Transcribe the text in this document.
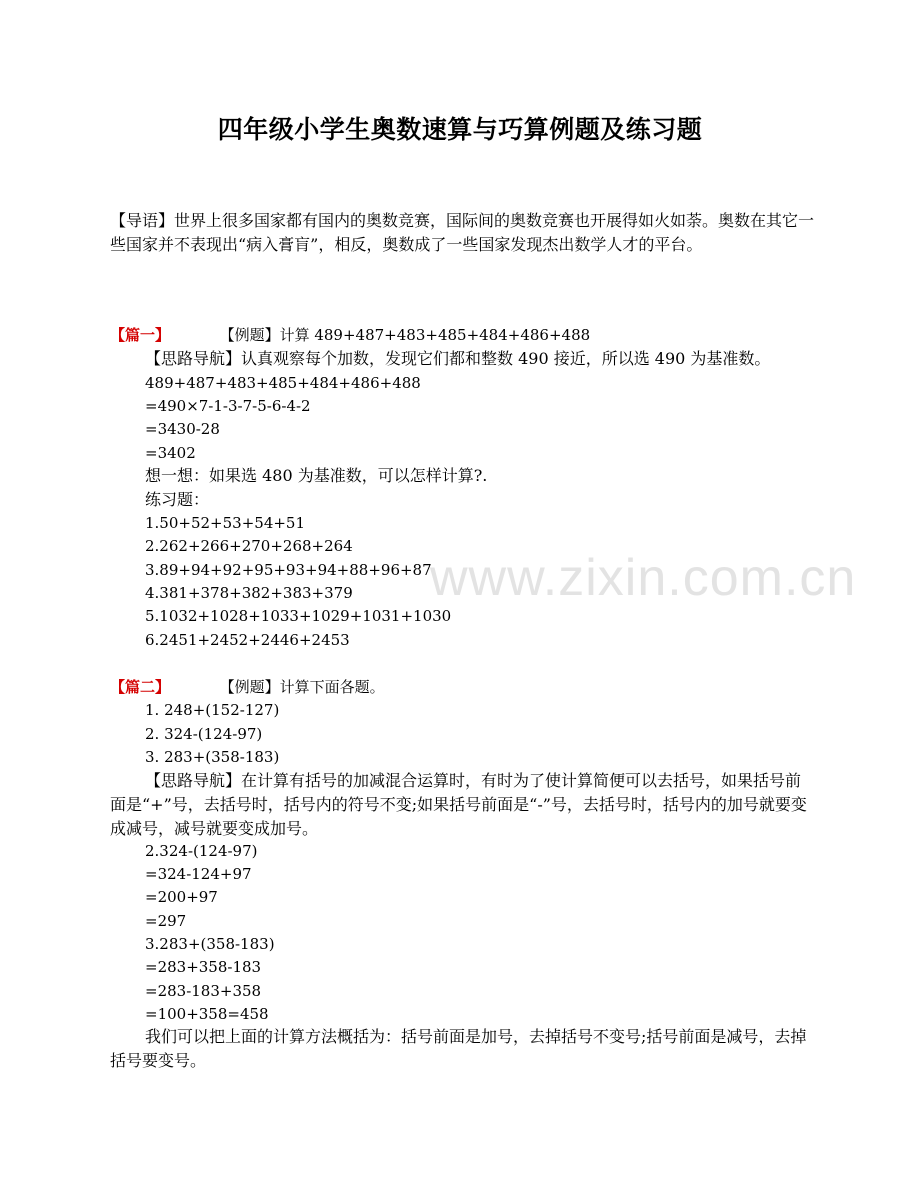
www.zixin.com.cn
四年级小学生奥数速算与巧算例题及练习题
【导语】世界上很多国家都有国内的奥数竞赛，国际间的奥数竞赛也开展得如火如荼。奥数在其它一些国家并不表现出“病入膏肓”，相反，奥数成了一些国家发现杰出数学人才的平台。
【篇一】	【例题】计算 489+487+483+485+484+486+488
【思路导航】认真观察每个加数，发现它们都和整数 490 接近，所以选 490 为基准数。
489+487+483+485+484+486+488
=490×7-1-3-7-5-6-4-2
=3430-28
=3402
想一想：如果选 480 为基准数，可以怎样计算?.
练习题：
1.50+52+53+54+51
2.262+266+270+268+264
3.89+94+92+95+93+94+88+96+87
4.381+378+382+383+379
5.1032+1028+1033+1029+1031+1030
6.2451+2452+2446+2453
【篇二】	【例题】计算下面各题。
1. 248+(152-127)
2. 324-(124-97)
3. 283+(358-183)
【思路导航】在计算有括号的加减混合运算时，有时为了使计算简便可以去括号，如果括号前面是“+”号，去括号时，括号内的符号不变;如果括号前面是“-”号，去括号时，括号内的加号就要变成减号，减号就要变成加号。
2.324-(124-97)
=324-124+97
=200+97
=297
3.283+(358-183)
=283+358-183
=283-183+358
=100+358=458
我们可以把上面的计算方法概括为：括号前面是加号，去掉括号不变号;括号前面是减号，去掉括号要变号。
